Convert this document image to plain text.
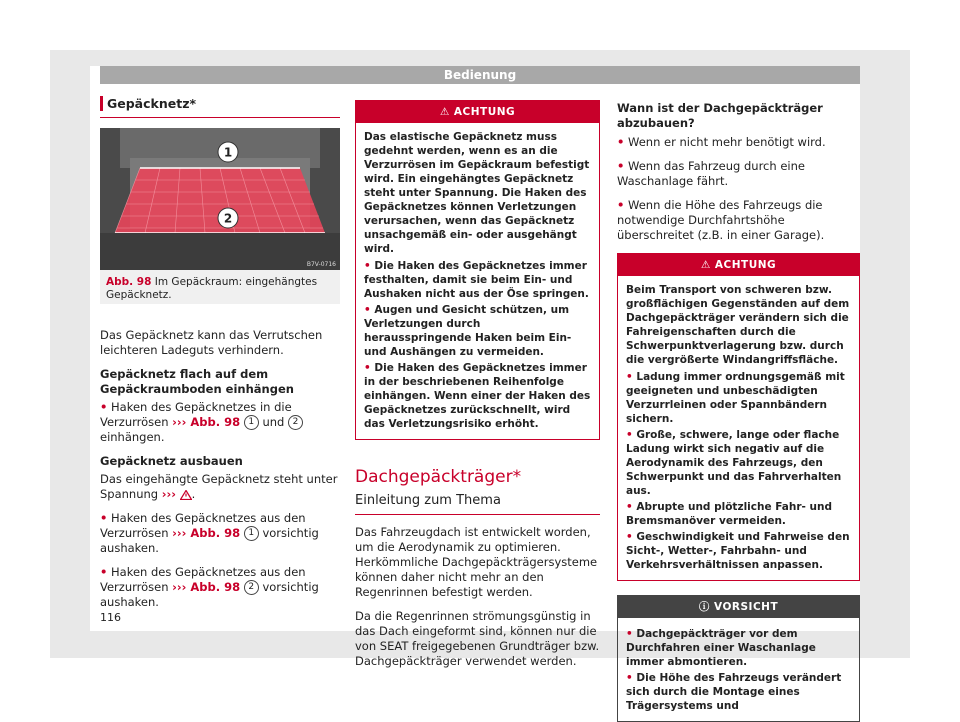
Bedienung
Gepäcknetz*
1
2
B7V-0716
Abb. 98 Im Gepäckraum: eingehängtes Gepäcknetz.

Das Gepäcknetz kann das Verrutschen leichteren Ladeguts verhindern.

Gepäcknetz flach auf dem Gepäckraumboden einhängen

• Haken des Gepäcknetzes in die Verzurrösen ››› Abb. 98 1 und 2 einhängen.

Gepäcknetz ausbauen

Das eingehängte Gepäcknetz steht unter Spannung ››› .

• Haken des Gepäcknetzes aus den Verzurrösen ››› Abb. 98 1 vorsichtig aushaken.

• Haken des Gepäcknetzes aus den Verzurrösen ››› Abb. 98 2 vorsichtig aushaken.

⚠ ACHTUNG

Das elastische Gepäcknetz muss gedehnt werden, wenn es an die Verzurrösen im Gepäckraum befestigt wird. Ein eingehängtes Gepäcknetz steht unter Spannung. Die Haken des Gepäcknetzes können Verletzungen verursachen, wenn das Gepäcknetz unsachgemäß ein- oder ausgehängt wird.

• Die Haken des Gepäcknetzes immer festhalten, damit sie beim Ein- und Aushaken nicht aus der Öse springen.

• Augen und Gesicht schützen, um Verletzungen durch herausspringende Haken beim Ein- und Aushängen zu vermeiden.

• Die Haken des Gepäcknetzes immer in der beschriebenen Reihenfolge einhängen. Wenn einer der Haken des Gepäcknetzes zurückschnellt, wird das Verletzungsrisiko erhöht.

Dachgepäckträger*
Einleitung zum Thema

Das Fahrzeugdach ist entwickelt worden, um die Aerodynamik zu optimieren. Herkömmliche Dachgepäckträgersysteme können daher nicht mehr an den Regenrinnen befestigt werden.

Da die Regenrinnen strömungsgünstig in das Dach eingeformt sind, können nur die von SEAT freigegebenen Grundträger bzw. Dachgepäckträger verwendet werden.

Wann ist der Dachgepäckträger abzubauen?

• Wenn er nicht mehr benötigt wird.

• Wenn das Fahrzeug durch eine Waschanlage fährt.

• Wenn die Höhe des Fahrzeugs die notwendige Durchfahrtshöhe überschreitet (z.B. in einer Garage).

⚠ ACHTUNG

Beim Transport von schweren bzw. großflächigen Gegenständen auf dem Dachgepäckträger verändern sich die Fahreigenschaften durch die Schwerpunktverlagerung bzw. durch die vergrößerte Windangriffsfläche.

• Ladung immer ordnungsgemäß mit geeigneten und unbeschädigten Verzurrleinen oder Spannbändern sichern.

• Große, schwere, lange oder flache Ladung wirkt sich negativ auf die Aerodynamik des Fahrzeugs, den Schwerpunkt und das Fahrverhalten aus.

• Abrupte und plötzliche Fahr- und Bremsmanöver vermeiden.

• Geschwindigkeit und Fahrweise den Sicht-, Wetter-, Fahrbahn- und Verkehrsverhältnissen anpassen.

ⓘ VORSICHT

• Dachgepäckträger vor dem Durchfahren einer Waschanlage immer abmontieren.

• Die Höhe des Fahrzeugs verändert sich durch die Montage eines Trägersystems und

116
